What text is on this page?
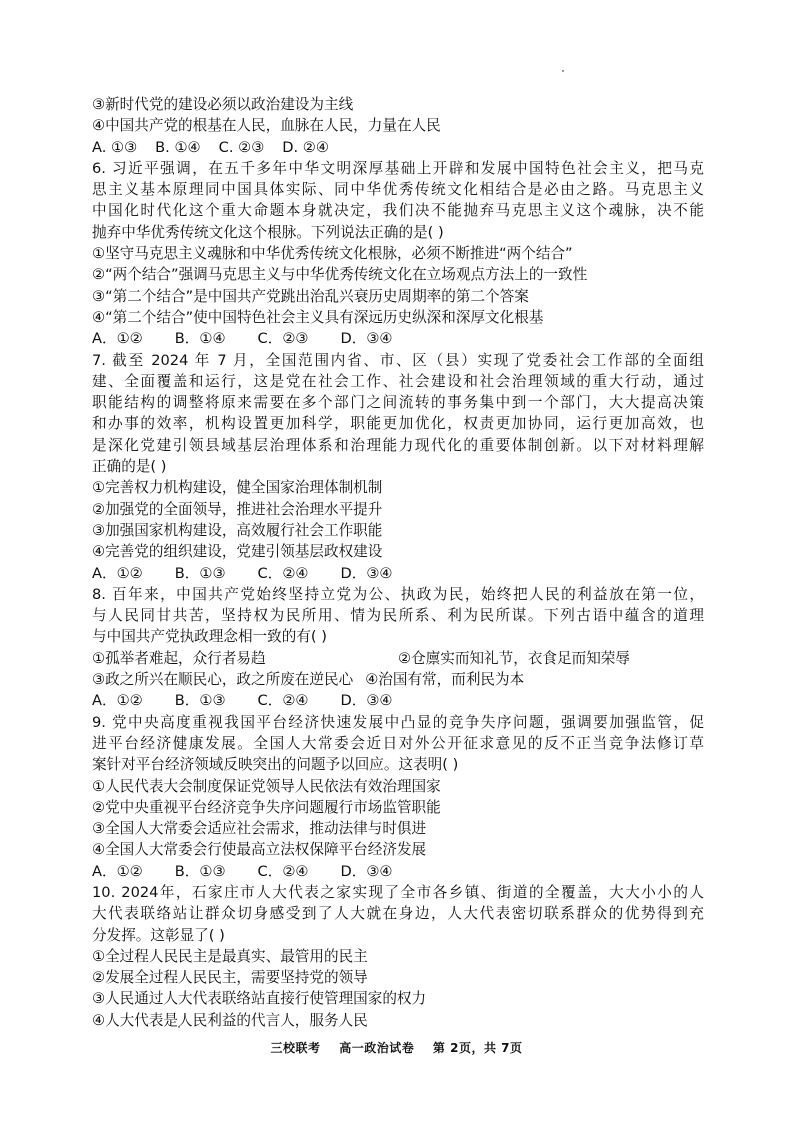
③新时代党的建设必须以政治建设为主线
④中国共产党的根基在人民，血脉在人民，力量在人民
A. ①③ B. ①④ C. ②③ D. ②④
6. 习近平强调，在五千多年中华文明深厚基础上开辟和发展中国特色社会主义，把马克
思主义基本原理同中国具体实际、同中华优秀传统文化相结合是必由之路。马克思主义
中国化时代化这个重大命题本身就决定，我们决不能抛弃马克思主义这个魂脉，决不能
抛弃中华优秀传统文化这个根脉。下列说法正确的是( )
①坚守马克思主义魂脉和中华优秀传统文化根脉，必须不断推进“两个结合”
②“两个结合”强调马克思主义与中华优秀传统文化在立场观点方法上的一致性
③“第二个结合”是中国共产党跳出治乱兴衰历史周期率的第二个答案
④“第二个结合”使中国特色社会主义具有深远历史纵深和深厚文化根基
A．①② B．①④ C．②③ D．③④
7. 截至 2024 年 7 月，全国范围内省、市、区（县）实现了党委社会工作部的全面组
建、全面覆盖和运行，这是党在社会工作、社会建设和社会治理领域的重大行动，通过
职能结构的调整将原来需要在多个部门之间流转的事务集中到一个部门，大大提高决策
和办事的效率，机构设置更加科学，职能更加优化，权责更加协同，运行更加高效，也
是深化党建引领县域基层治理体系和治理能力现代化的重要体制创新。以下对材料理解
正确的是( )
①完善权力机构建设，健全国家治理体制机制
②加强党的全面领导，推进社会治理水平提升
③加强国家机构建设，高效履行社会工作职能
④完善党的组织建设，党建引领基层政权建设
A．①② B．①③ C．②④ D．③④
8. 百年来，中国共产党始终坚持立党为公、执政为民，始终把人民的利益放在第一位，
与人民同甘共苦，坚持权为民所用、情为民所系、利为民所谋。下列古语中蕴含的道理
与中国共产党执政理念相一致的有( )
①孤举者难起，众行者易趋	②仓廪实而知礼节，衣食足而知荣辱
③政之所兴在顺民心，政之所废在逆民心 ④治国有常，而利民为本
A．①② B．①③ C．②④ D．③④
9. 党中央高度重视我国平台经济快速发展中凸显的竞争失序问题，强调要加强监管，促
进平台经济健康发展。全国人大常委会近日对外公开征求意见的反不正当竞争法修订草
案针对平台经济领域反映突出的问题予以回应。这表明( )
①人民代表大会制度保证党领导人民依法有效治理国家
②党中央重视平台经济竞争失序问题履行市场监管职能
③全国人大常委会适应社会需求，推动法律与时俱进
④全国人大常委会行使最高立法权保障平台经济发展
A．①② B．①③ C．②④ D．③④
10. 2024年，石家庄市人大代表之家实现了全市各乡镇、街道的全覆盖，大大小小的人
大代表联络站让群众切身感受到了人大就在身边，人大代表密切联系群众的优势得到充
分发挥。这彰显了( )
①全过程人民民主是最真实、最管用的民主
②发展全过程人民民主，需要坚持党的领导
③人民通过人大代表联络站直接行使管理国家的权力
④人大代表是人民利益的代言人，服务人民
三校联考 高一政治试卷 第 2页，共 7页
